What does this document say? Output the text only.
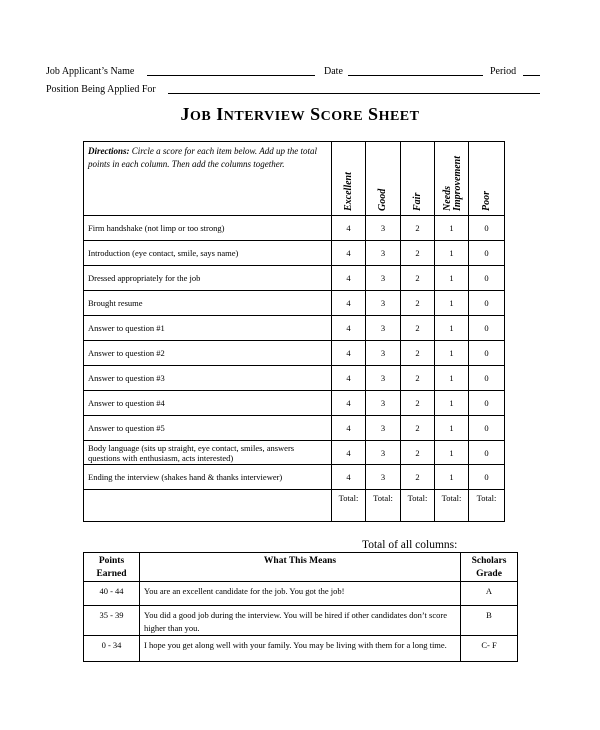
Job Applicant’s Name	Date	Period
Position Being Applied For
JOB INTERVIEW SCORE SHEET
Directions: Circle a score for each item below. Add up the total points in each column. Then add the columns together.	Excellent	Good	Fair	Needs
Improvement	Poor

Firm handshake (not limp or too strong)	4	3	2	1	0
Introduction (eye contact, smile, says name)	4	3	2	1	0
Dressed appropriately for the job	4	3	2	1	0
Brought resume	4	3	2	1	0
Answer to question #1	4	3	2	1	0
Answer to question #2	4	3	2	1	0
Answer to question #3	4	3	2	1	0
Answer to question #4	4	3	2	1	0
Answer to question #5	4	3	2	1	0
Body language (sits up straight, eye contact, smiles, answers questions with enthusiasm, acts interested)	4	3	2	1	0
Ending the interview (shakes hand & thanks interviewer)	4	3	2	1	0
	Total:	Total:	Total:	Total:	Total:
Total of all columns:
Points
Earned	What This Means	Scholars
Grade
40 - 44	You are an excellent candidate for the job. You got the job!	A
35 - 39	You did a good job during the interview. You will be hired if other candidates don’t score higher than you.	B
0 - 34	I hope you get along well with your family. You may be living with them for a long time.	C- F
